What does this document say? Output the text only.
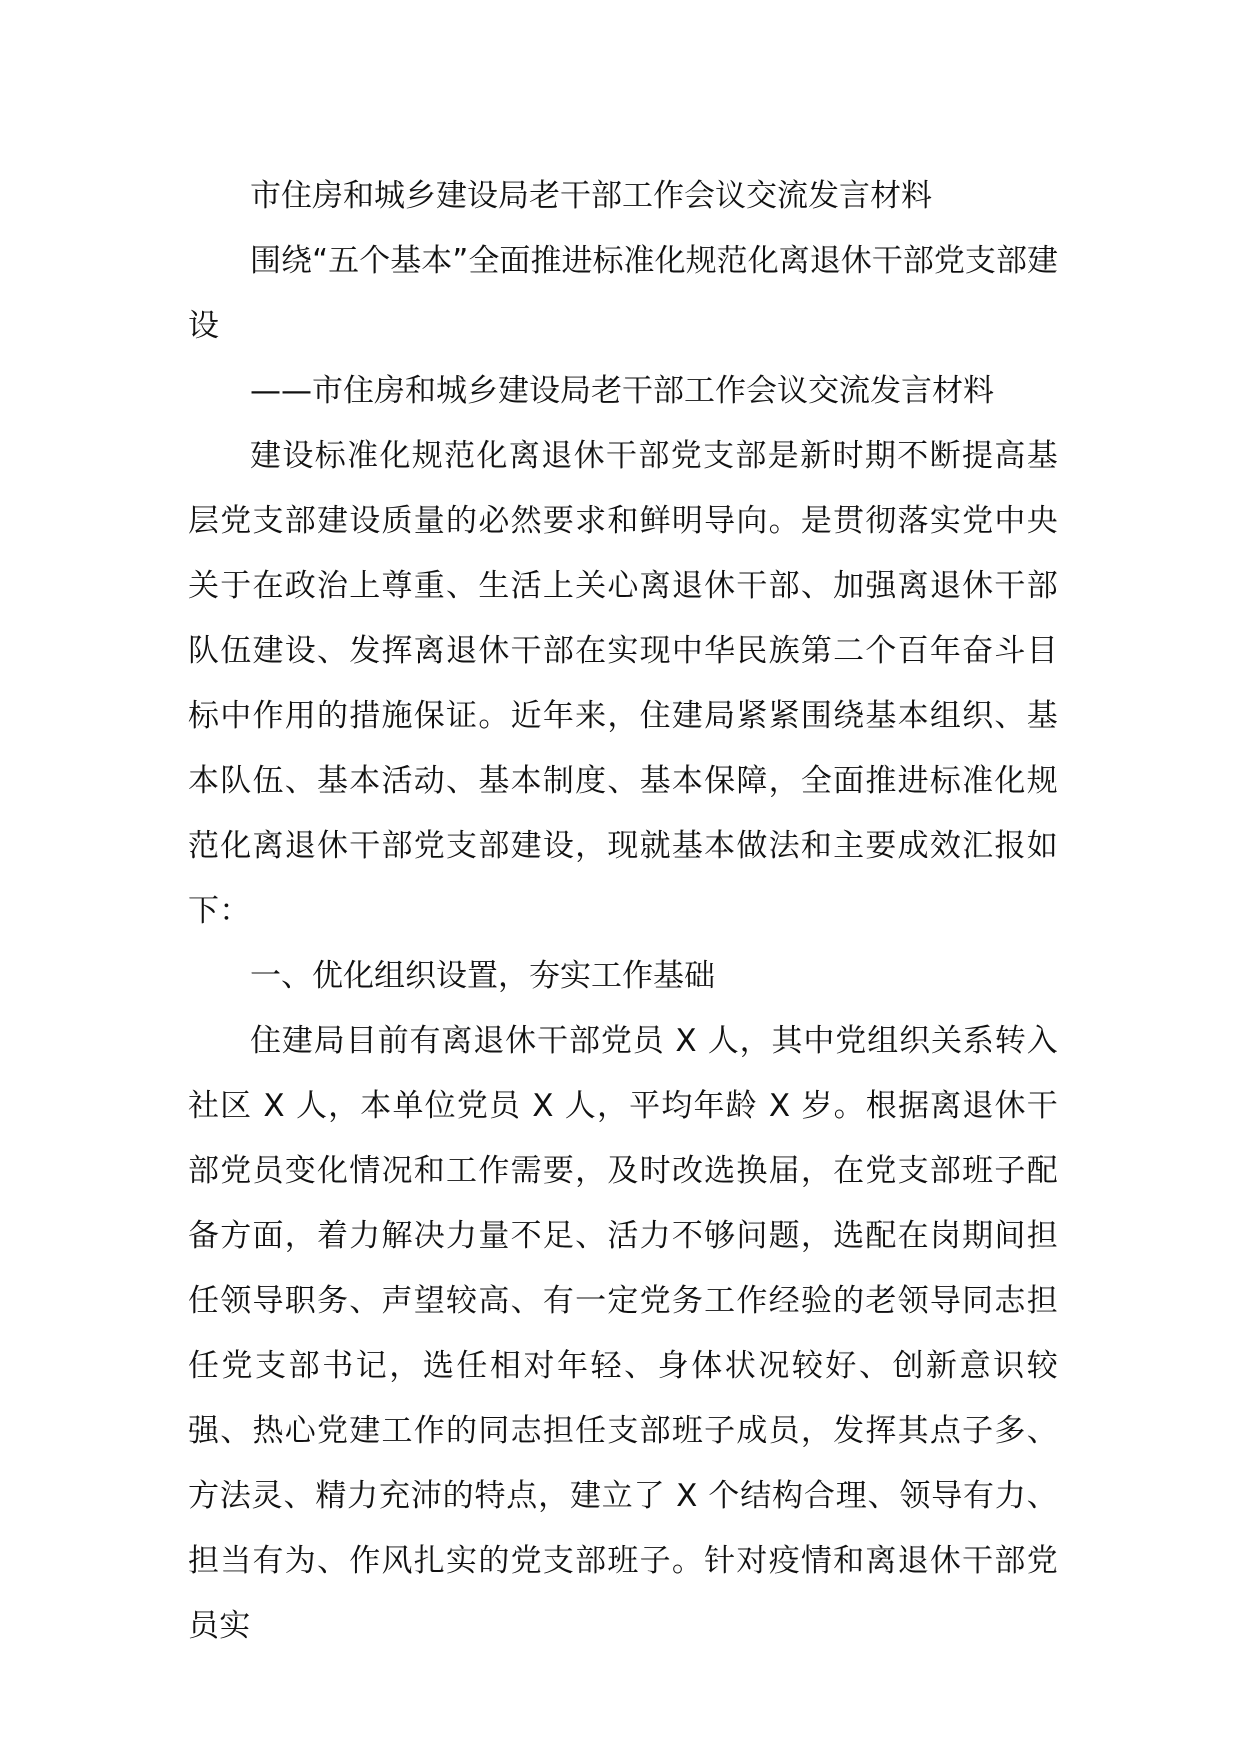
市住房和城乡建设局老干部工作会议交流发言材料

围绕“五个基本”全面推进标准化规范化离退休干部党支部建设

——市住房和城乡建设局老干部工作会议交流发言材料

建设标准化规范化离退休干部党支部是新时期不断提高基层党支部建设质量的必然要求和鲜明导向。是贯彻落实党中央关于在政治上尊重、生活上关心离退休干部、加强离退休干部队伍建设、发挥离退休干部在实现中华民族第二个百年奋斗目标中作用的措施保证。近年来，住建局紧紧围绕基本组织、基本队伍、基本活动、基本制度、基本保障，全面推进标准化规范化离退休干部党支部建设，现就基本做法和主要成效汇报如下：

一、优化组织设置，夯实工作基础

住建局目前有离退休干部党员 X 人，其中党组织关系转入社区 X 人，本单位党员 X 人，平均年龄 X 岁。根据离退休干部党员变化情况和工作需要，及时改选换届，在党支部班子配备方面，着力解决力量不足、活力不够问题，选配在岗期间担任领导职务、声望较高、有一定党务工作经验的老领导同志担任党支部书记，选任相对年轻、身体状况较好、创新意识较强、热心党建工作的同志担任支部班子成员，发挥其点子多、方法灵、精力充沛的特点，建立了 X 个结构合理、领导有力、担当有为、作风扎实的党支部班子。针对疫情和离退休干部党员实
